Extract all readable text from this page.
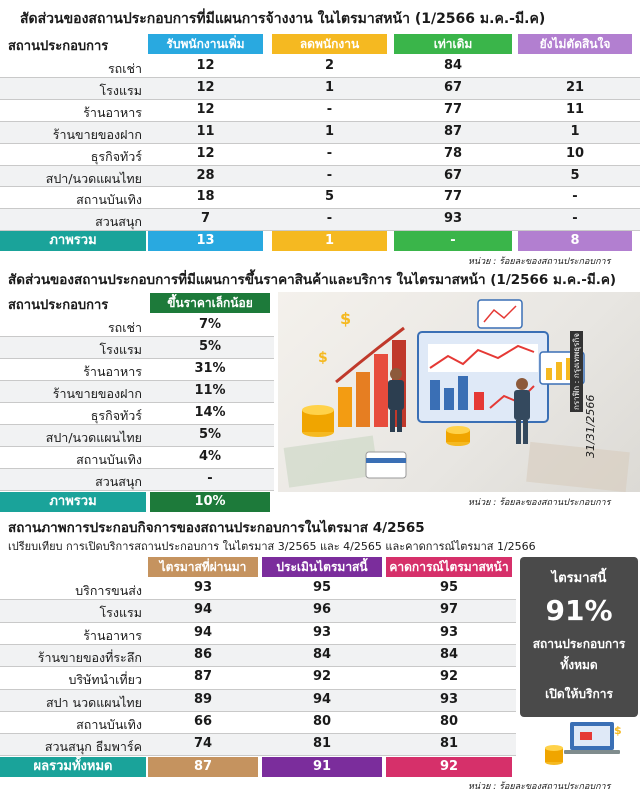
สัดส่วนของสถานประกอบการที่มีแผนการจ้างงาน ในไตรมาสหน้า (1/2566 ม.ค.-มี.ค)
สถานประกอบการ	รับพนักงานเพิ่ม	ลดพนักงาน	เท่าเดิม	ยังไม่ตัดสินใจ
รถเช่า	12	2	84
โรงแรม	12	1	67	21
ร้านอาหาร	12	-	77	11
ร้านขายของฝาก	11	1	87	1
ธุรกิจทัวร์	12	-	78	10
สปา/นวดแผนไทย	28	-	67	5
สถานบันเทิง	18	5	77	-
สวนสนุก	7	-	93	-
ภาพรวม	13	1	-	8
หน่วย : ร้อยละของสถานประกอบการ
สัดส่วนของสถานประกอบการที่มีแผนการขึ้นราคาสินค้าและบริการ ในไตรมาสหน้า (1/2566 ม.ค.-มี.ค)
สถานประกอบการ	ขึ้นราคาเล็กน้อย
รถเช่า	7%
โรงแรม	5%
ร้านอาหาร	31%
ร้านขายของฝาก	11%
ธุรกิจทัวร์	14%
สปา/นวดแผนไทย	5%
สถานบันเทิง	4%
สวนสนุก	-
ภาพรวม	10%
$
$	กราฟิก : กรุงเทพธุรกิจ
31/31/2566
หน่วย : ร้อยละของสถานประกอบการ
สถานภาพการประกอบกิจการของสถานประกอบการในไตรมาส 4/2565
เปรียบเทียบ การเปิดบริการสถานประกอบการ ในไตรมาส 3/2565 และ 4/2565 และคาดการณ์ไตรมาส 1/2566
ไตรมาสที่ผ่านมา	ประเมินไตรมาสนี้	คาดการณ์ไตรมาสหน้า
บริการขนส่ง	93	95	95
โรงแรม	94	96	97
ร้านอาหาร	94	93	93
ร้านขายของที่ระลึก	86	84	84
บริษัทนำเที่ยว	87	92	92
สปา นวดแผนไทย	89	94	93
สถานบันเทิง	66	80	80
สวนสนุก ธีมพาร์ค	74	81	81
ผลรวมทั้งหมด	87	91	92
ไตรมาสนี้
91%
สถานประกอบการ
ทั้งหมด
เปิดให้บริการ
$
หน่วย : ร้อยละของสถานประกอบการ
